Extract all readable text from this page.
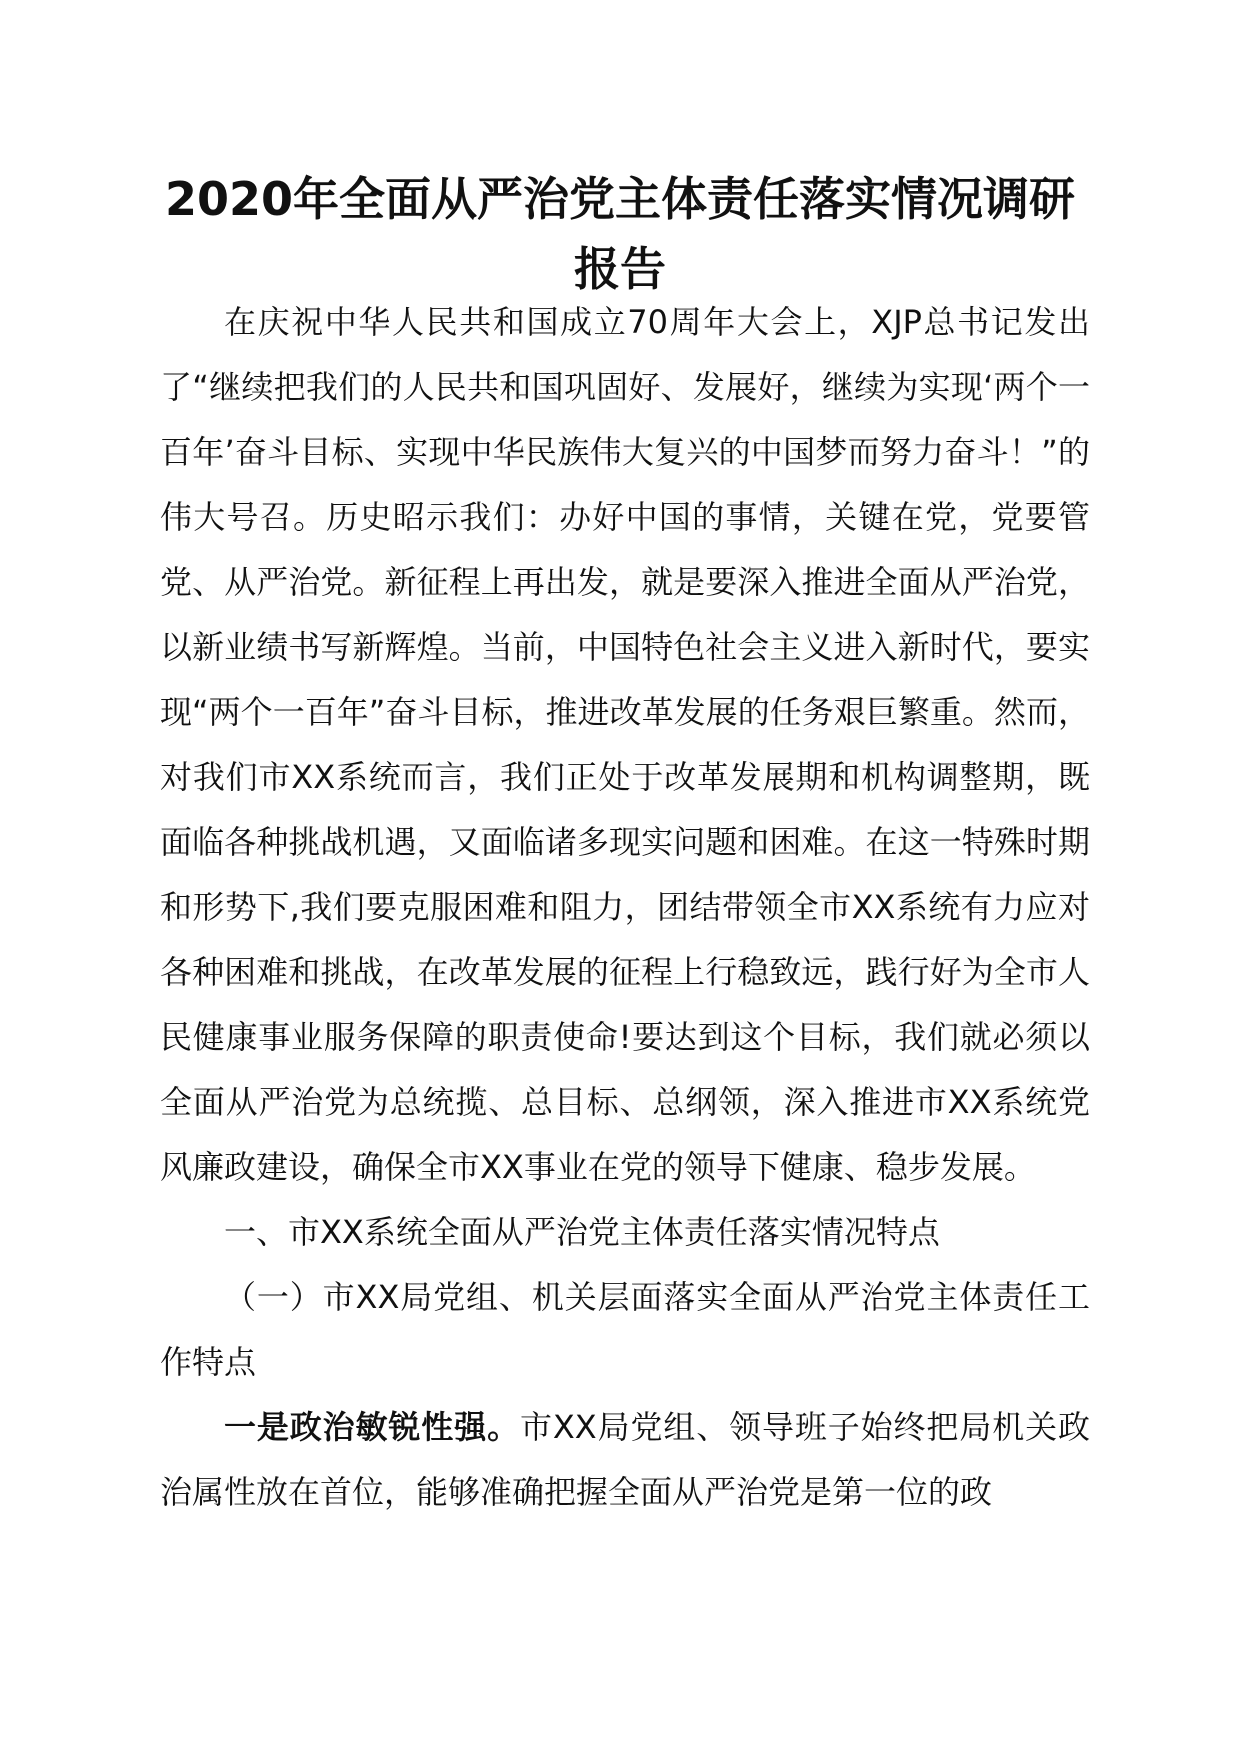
2020年全面从严治党主体责任落实情况调研
报告

在庆祝中华人民共和国成立70周年大会上，XJP总书记发出了“继续把我们的人民共和国巩固好、发展好，继续为实现‘两个一百年’奋斗目标、实现中华民族伟大复兴的中国梦而努力奋斗！”的伟大号召。历史昭示我们：办好中国的事情，关键在党，党要管党、从严治党。新征程上再出发，就是要深入推进全面从严治党，以新业绩书写新辉煌。当前，中国特色社会主义进入新时代，要实现“两个一百年”奋斗目标，推进改革发展的任务艰巨繁重。然而，对我们市XX系统而言，我们正处于改革发展期和机构调整期，既面临各种挑战机遇，又面临诸多现实问题和困难。在这一特殊时期和形势下,我们要克服困难和阻力，团结带领全市XX系统有力应对各种困难和挑战，在改革发展的征程上行稳致远，践行好为全市人民健康事业服务保障的职责使命!要达到这个目标，我们就必须以全面从严治党为总统揽、总目标、总纲领，深入推进市XX系统党风廉政建设，确保全市XX事业在党的领导下健康、稳步发展。

一、市XX系统全面从严治党主体责任落实情况特点

（一）市XX局党组、机关层面落实全面从严治党主体责任工作特点

一是政治敏锐性强。市XX局党组、领导班子始终把局机关政治属性放在首位，能够准确把握全面从严治党是第一位的政
